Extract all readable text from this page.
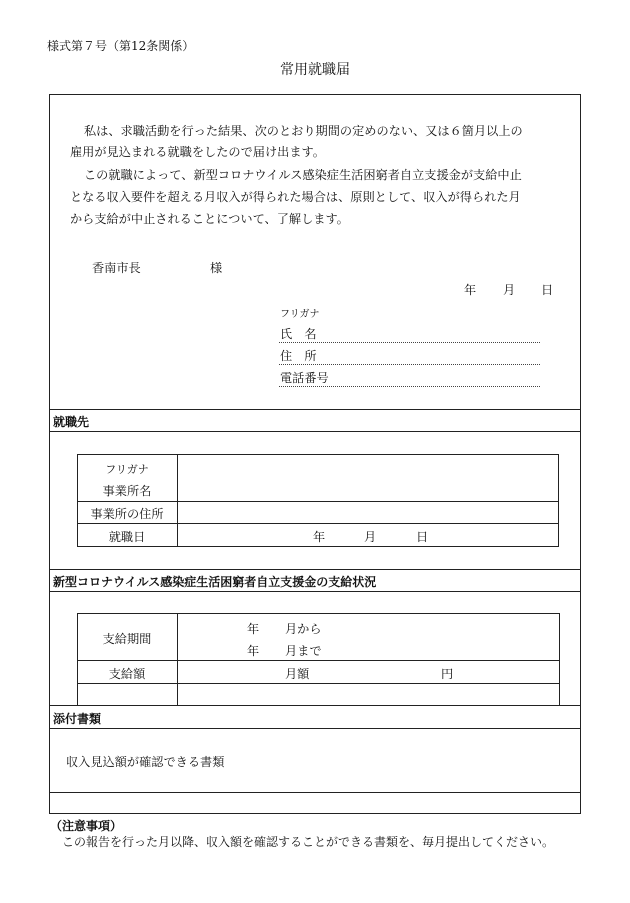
様式第７号（第12条関係）
常用就職届
私は、求職活動を行った結果、次のとおり期間の定めのない、又は６箇月以上の
雇用が見込まれる就職をしたので届け出ます。
この就職によって、新型コロナウイルス感染症生活困窮者自立支援金が支給中止
となる収入要件を超える月収入が得られた場合は、原則として、収入が得られた月
から支給が中止されることについて、了解します。
香南市長	様
年 月 日
フリガナ
氏　名
住　所
電話番号
就職先
フリガナ
事業所名
事業所の住所
就職日	年	月	日
新型コロナウイルス感染症生活困窮者自立支援金の支給状況
支給期間
年 月から
年 月まで
支給額	月額	円
添付書類
収入見込額が確認できる書類
（注意事項）
この報告を行った月以降、収入額を確認することができる書類を、毎月提出してください。
